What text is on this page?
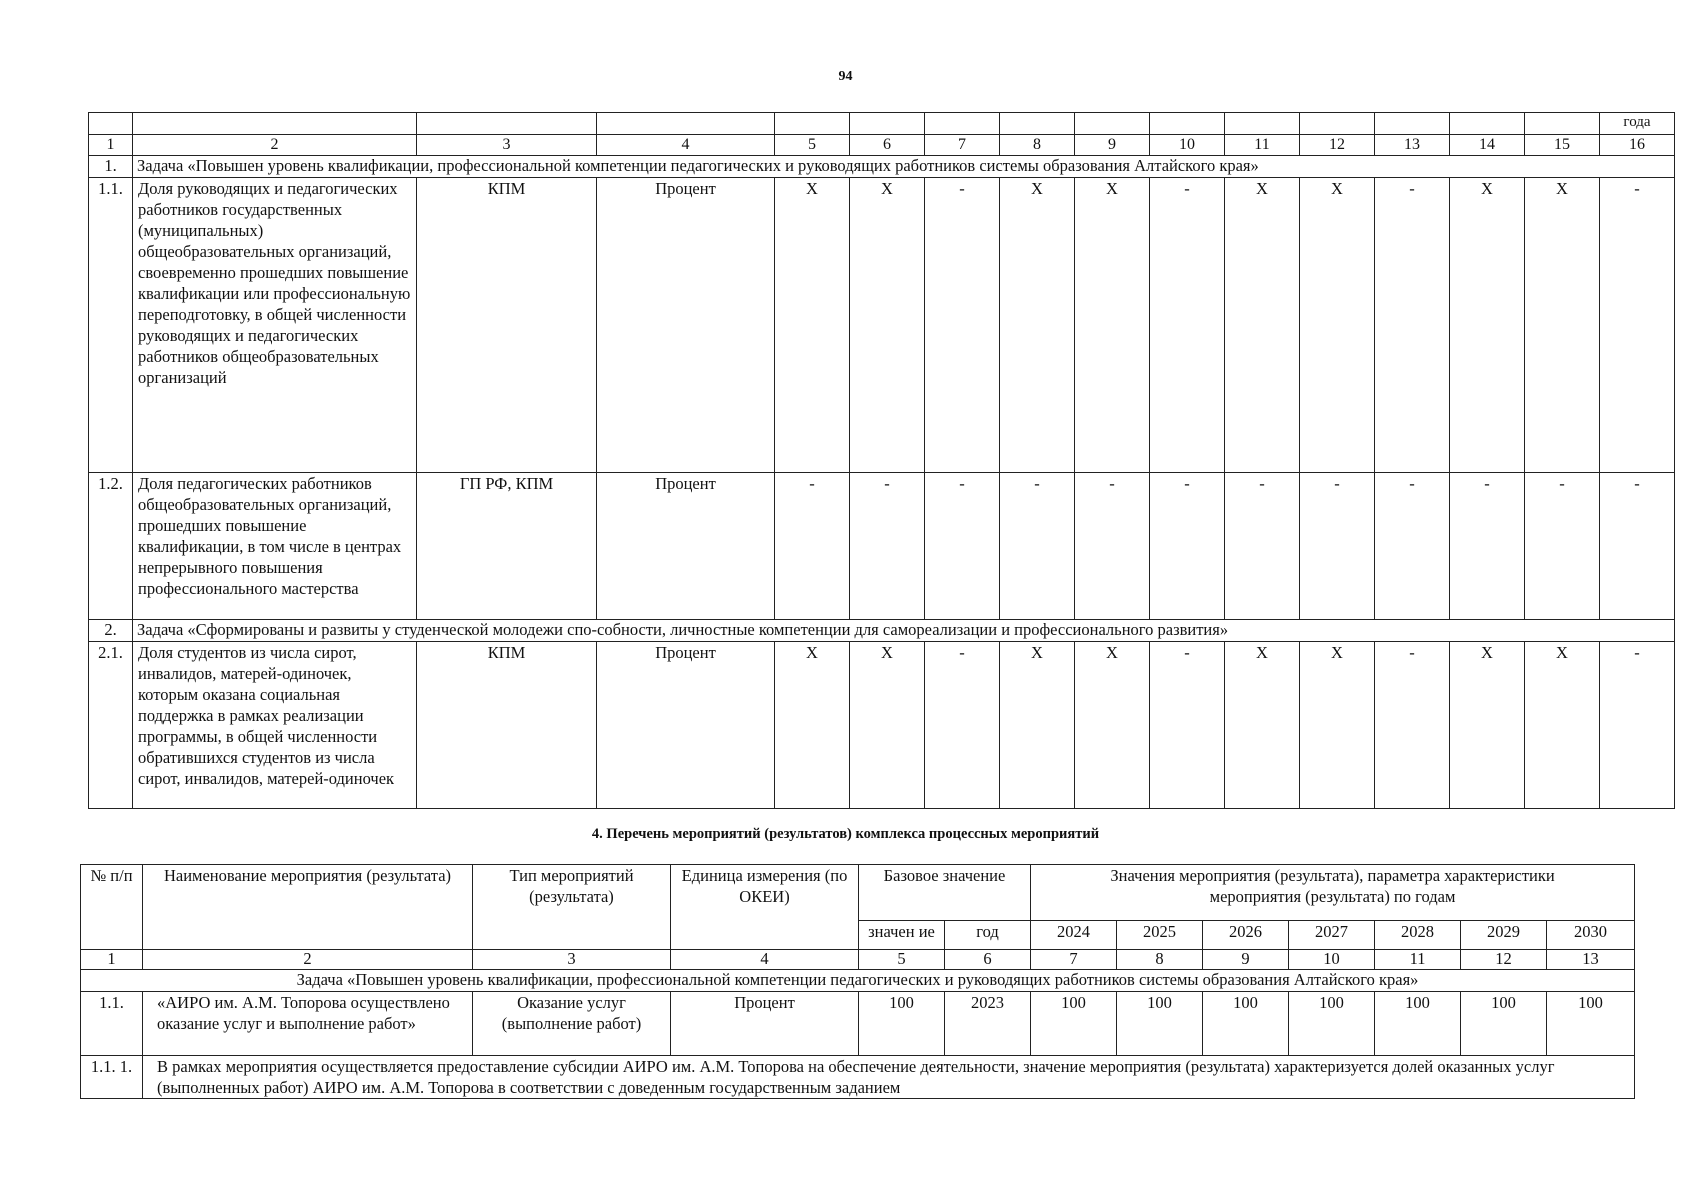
94
															года
1	2	3	4	5	6	7	8	9	10	11	12	13	14	15	16
1.	Задача «Повышен уровень квалификации, профессиональной компетенции педагогических и руководящих работников системы образования Алтайского края»														
1.1.	Доля руководящих и педагогических работников государственных (муниципальных) общеобразовательных организаций, своевременно прошедших повышение квалификации или профессиональную переподготовку, в общей численности руководящих и педагогических работников общеобразовательных организаций	КПМ	Процент	X	X	-	X	X	-	X	X	-	X	X	-
1.2.	Доля педагогических работников общеобразовательных организаций, прошедших повышение квалификации, в том числе в центрах непрерывного повышения профессионального мастерства	ГП РФ, КПМ	Процент	-	-	-	-	-	-	-	-	-	-	-	-
2.	Задача «Сформированы и развиты у студенческой молодежи спо-собности, личностные компетенции для самореализации и профессионального развития»														
2.1.	Доля студентов из числа сирот, инвалидов, матерей-одиночек, которым оказана социальная поддержка в рамках реализации программы, в общей численности обратившихся студентов из числа сирот, инвалидов, матерей-одиночек	КПМ	Процент	X	X	-	X	X	-	X	X	-	X	X	-
4. Перечень мероприятий (результатов) комплекса процессных мероприятий
№ п/п	Наименование мероприятия (результата)	Тип мероприятий (результата)	Единица измерения (по ОКЕИ)	Базовое значение		Значения мероприятия (результата), параметра характеристики мероприятия (результата) по годам						
				значен ие	год	2024	2025	2026	2027	2028	2029	2030
1	2	3	4	5	6	7	8	9	10	11	12	13
Задача «Повышен уровень квалификации, профессиональной компетенции педагогических и руководящих работников системы образования Алтайского края»												
1.1.	«АИРО им. А.М. Топорова осуществлено оказание услуг и выполнение работ»	Оказание услуг (выполнение работ)	Процент	100	2023	100	100	100	100	100	100	100
1.1. 1.	В рамках мероприятия осуществляется предоставление субсидии АИРО им. А.М. Топорова на обеспечение деятельности, значение мероприятия (результата) характеризуется долей оказанных услуг (выполненных работ) АИРО им. А.М. Топорова в соответствии с доведенным государственным заданием											
